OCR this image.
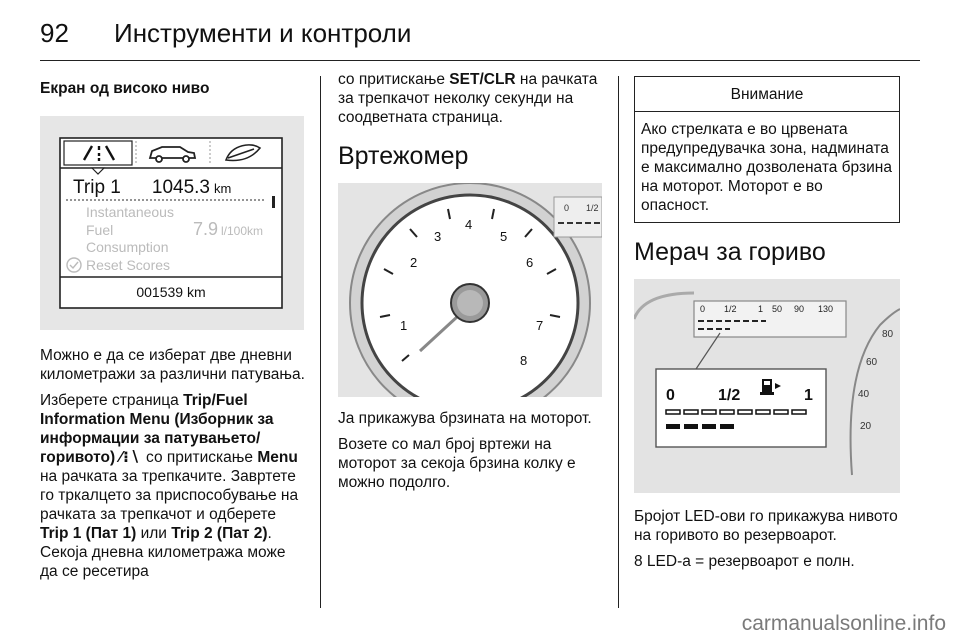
92 Инструменти и контроли
Екран од високо ниво
Trip 1 1045.3 km
Instantaneous
Fuel	7.9 l/100km
Consumption
Reset Scores
001539 km

Можно е да се изберат две дневни километражи за различни патувања.

Изберете страница Trip/Fuel Information Menu (Изборник за информации за патувањето/горивото) ⁄⁝∖ со притискање Menu на рачката за трепкачите. Завртете го тркалцето за приспособување на рачката за трепкачот и одберете Trip 1 (Пат 1) или Trip 2 (Пат 2). Секоја дневна километража може да се ресетира

со притискање SET/CLR на рачката за трепкачот неколку секунди на соодветната страница.

Вртежомер
1
2
3
4
5
6
7
8
0 1/2

Ја прикажува брзината на моторот.

Возете со мал број вртежи на моторот за секоја брзина колку е можно подолго.

Внимание
Ако стрелката е во црвената предупредувачка зона, надмината е максимално дозволената брзина на моторот. Моторот е во опасност.
Мерач за гориво
0 1/2 1 50 90 130
20
40
60
80
0	1/2	1

Бројот LED-ови го прикажува нивото на горивото во резервоарот.

8 LED-a = резервоарот е полн.

carmanualsonline.info
